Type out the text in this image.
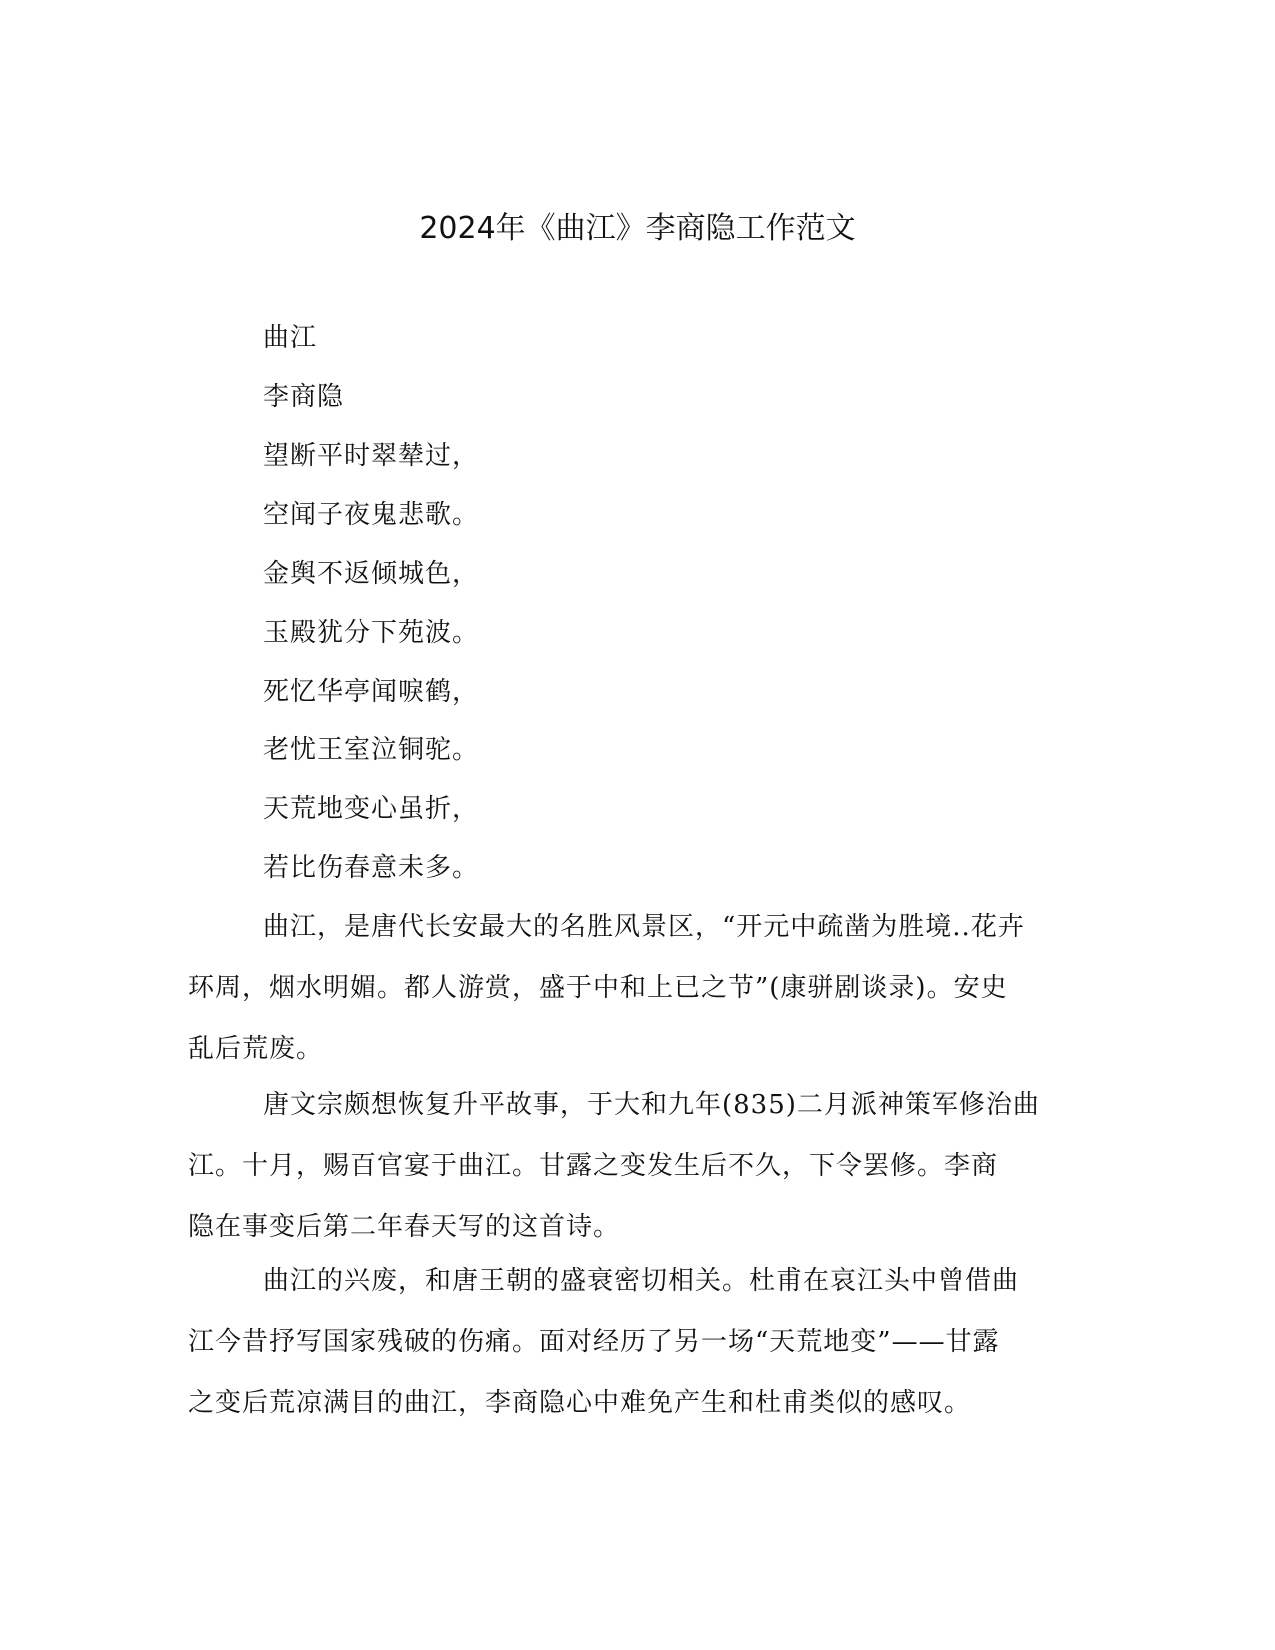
2024年《曲江》李商隐工作范文
曲江
李商隐
望断平时翠辇过，
空闻子夜鬼悲歌。
金舆不返倾城色，
玉殿犹分下苑波。
死忆华亭闻唳鹤，
老忧王室泣铜驼。
天荒地变心虽折，
若比伤春意未多。
曲江，是唐代长安最大的名胜风景区，“开元中疏凿为胜境..花卉
环周，烟水明媚。都人游赏，盛于中和上已之节”(康骈剧谈录)。安史
乱后荒废。
唐文宗颇想恢复升平故事，于大和九年(835)二月派神策军修治曲
江。十月，赐百官宴于曲江。甘露之变发生后不久，下令罢修。李商
隐在事变后第二年春天写的这首诗。
曲江的兴废，和唐王朝的盛衰密切相关。杜甫在哀江头中曾借曲
江今昔抒写国家残破的伤痛。面对经历了另一场“天荒地变”——甘露
之变后荒凉满目的曲江，李商隐心中难免产生和杜甫类似的感叹。
